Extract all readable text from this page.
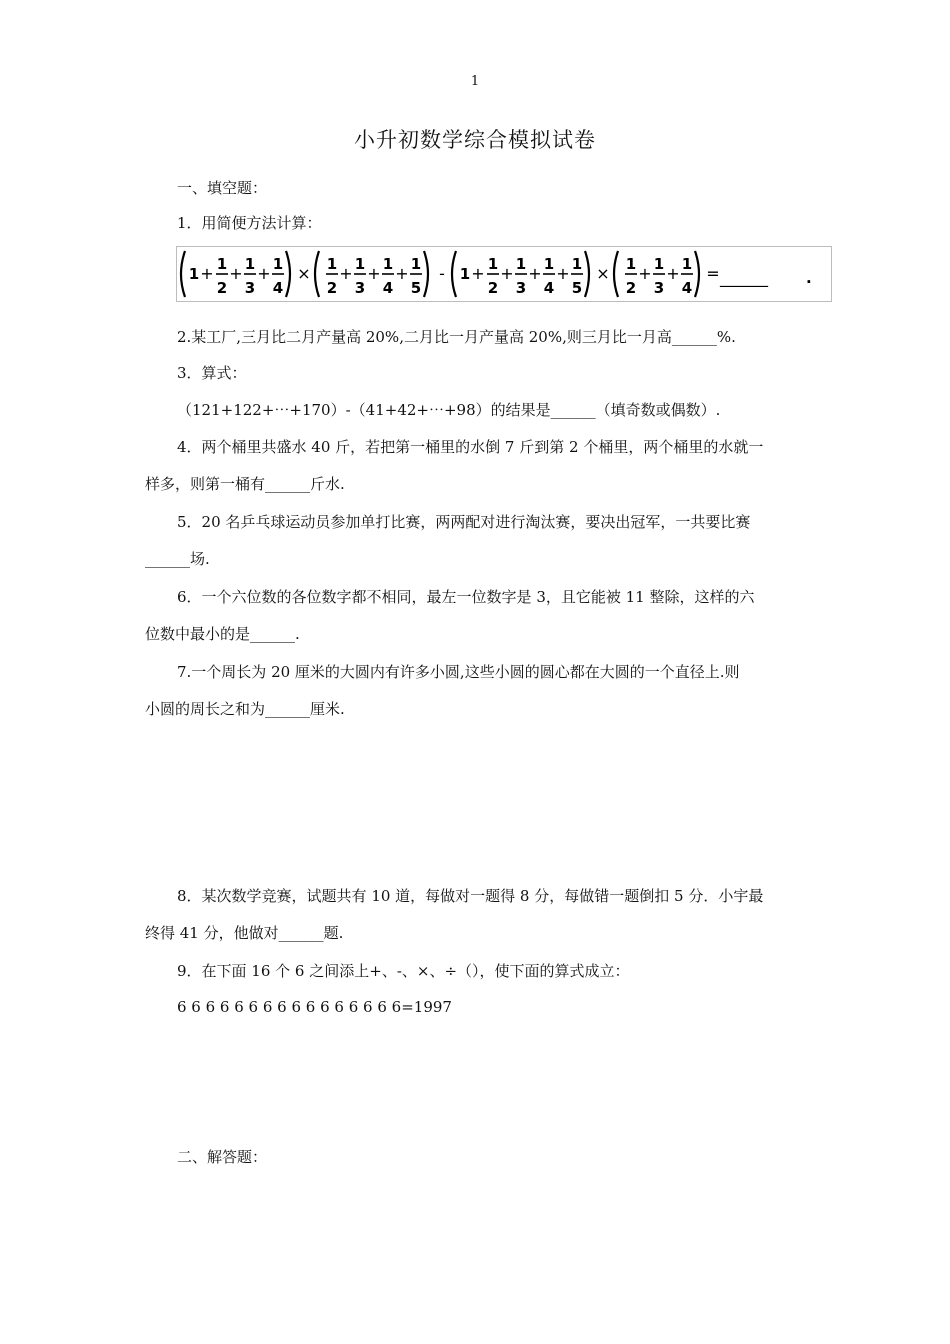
1
小升初数学综合模拟试卷
一、填空题：
1．用简便方法计算：
1 + 1
2
+ 1
3
+ 1
4
× 1
2
+ 1
3
+ 1
4
+ 1
5
- 1 + 1
2
+ 1
3
+ 1
4
+ 1
5
× 1
2
+ 1
3
+ 1
4
= ______	.
2.某工厂,三月比二月产量高 20%,二月比一月产量高 20%,则三月比一月高______%.
3．算式：
（121+122+⋯+170）-（41+42+⋯+98）的结果是______（填奇数或偶数）.
4．两个桶里共盛水 40 斤，若把第一桶里的水倒 7 斤到第 2 个桶里，两个桶里的水就一
样多，则第一桶有______斤水.
5．20 名乒乓球运动员参加单打比赛，两两配对进行淘汰赛，要决出冠军，一共要比赛
______场.
6．一个六位数的各位数字都不相同，最左一位数字是 3，且它能被 11 整除，这样的六
位数中最小的是______.
7.一个周长为 20 厘米的大圆内有许多小圆,这些小圆的圆心都在大圆的一个直径上.则
小圆的周长之和为______厘米.
8．某次数学竞赛，试题共有 10 道，每做对一题得 8 分，每做错一题倒扣 5 分．小宇最
终得 41 分，他做对______题.
9．在下面 16 个 6 之间添上+、-、×、÷（），使下面的算式成立：
6 6 6 6 6 6 6 6 6 6 6 6 6 6 6 6=1997
二、解答题：
